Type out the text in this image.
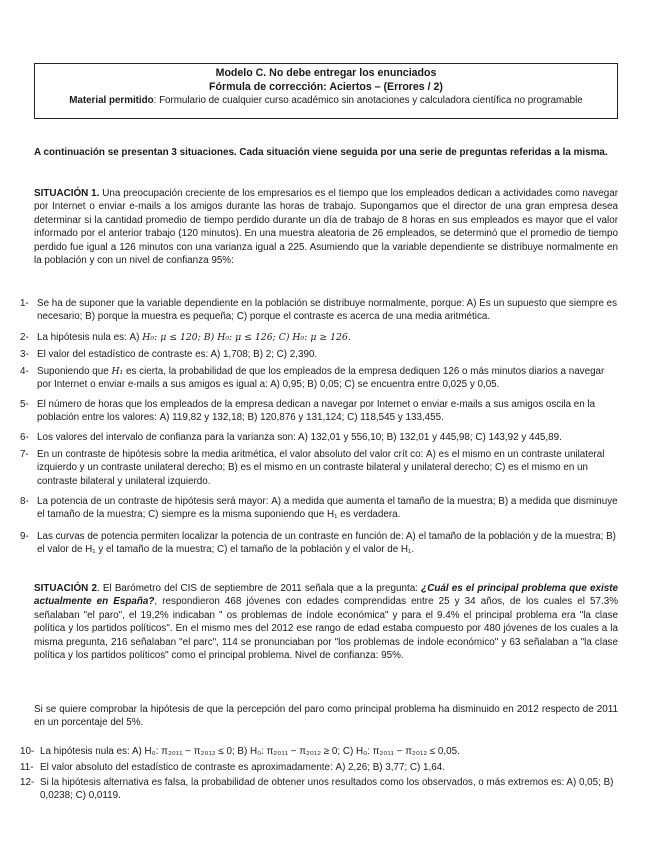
Modelo C. No debe entregar los enunciados
Fórmula de corrección: Aciertos – (Errores / 2)
Material permitido: Formulario de cualquier curso académico sin anotaciones y calculadora científica no programable
A continuación se presentan 3 situaciones. Cada situación viene seguida por una serie de preguntas referidas a la misma.
SITUACIÓN 1. Una preocupación creciente de los empresarios es el tiempo que los empleados dedican a actividades como navegar por Internet o enviar e-mails a los amigos durante las horas de trabajo. Supongamos que el director de una gran empresa desea determinar si la cantidad promedio de tiempo perdido durante un día de trabajo de 8 horas en sus empleados es mayor que el valor informado por el anterior trabajo (120 minutos). En una muestra aleatoria de 26 empleados, se determinó que el promedio de tiempo perdido fue igual a 126 minutos con una varianza igual a 225. Asumiendo que la variable dependiente se distribuye normalmente en la población y con un nivel de confianza 95%:
1- Se ha de suponer que la variable dependiente en la población se distribuye normalmente, porque: A) Es un supuesto que siempre es necesario; B) porque la muestra es pequeña; C) porque el contraste es acerca de una media aritmética.
2- La hipótesis nula es: A) H₀: μ ≤ 120; B) H₀: μ ≤ 126; C) H₀: μ ≥ 126.
3- El valor del estadístico de contraste es: A) 1,708; B) 2; C) 2,390.
4- Suponiendo que H₁ es cierta, la probabilidad de que los empleados de la empresa dediquen 126 o más minutos diarios a navegar por Internet o enviar e-mails a sus amigos es igual a: A) 0,95; B) 0,05; C) se encuentra entre 0,025 y 0,05.
5- El número de horas que los empleados de la empresa dedican a navegar por Internet o enviar e-mails a sus amigos oscila en la población entre los valores: A) 119,82 y 132,18; B) 120,876 y 131,124; C) 118,545 y 133,455.
6- Los valores del intervalo de confianza para la varianza son: A) 132,01 y 556,10; B) 132,01 y 445,98; C) 143,92 y 445,89.
7- En un contraste de hipótesis sobre la media aritmética, el valor absoluto del valor crít co: A) es el mismo en un contraste unilateral izquierdo y un contraste unilateral derecho; B) es el mismo en un contraste bilateral y unilateral derecho; C) es el mismo en un contraste bilateral y unilateral izquierdo.
8- La potencia de un contraste de hipótesis será mayor: A) a medida que aumenta el tamaño de la muestra; B) a medida que disminuye el tamaño de la muestra; C) siempre es la misma suponiendo que H₁ es verdadera.
9- Las curvas de potencia permiten localizar la potencia de un contraste en función de: A) el tamaño de la población y de la muestra; B) el valor de H₁ y el tamaño de la muestra; C) el tamaño de la población y el valor de H₁.
SITUACIÓN 2. El Barómetro del CIS de septiembre de 2011 señala que a la pregunta: ¿Cuál es el principal problema que existe actualmente en España?, respondieron 468 jóvenes con edades comprendidas entre 25 y 34 años, de los cuales el 57.3% señalaban "el paro", el 19,2% indicaban " os problemas de índole económica" y para el 9.4% el principal problema era "la clase política y los partidos políticos". En el mismo mes del 2012 ese rango de edad estaba compuesto por 480 jóvenes de los cuales a la misma pregunta, 216 señalaban "el parc", 114 se pronunciaban por "los problemas de índole económico" y 63 señalaban a "la clase política y los partidos políticos" como el principal problema. Nivel de confianza: 95%.
Si se quiere comprobar la hipótesis de que la percepción del paro como principal problema ha disminuido en 2012 respecto de 2011 en un porcentaje del 5%.
10- La hipótesis nula es: A) H₀: π₂₀₁₁ − π₂₀₁₂ ≤ 0; B) H₀: π₂₀₁₁ − π₂₀₁₂ ≥ 0; C) H₀: π₂₀₁₁ − π₂₀₁₂ ≤ 0,05.
11- El valor absoluto del estadístico de contraste es aproximadamente: A) 2,26; B) 3,77; C) 1,64.
12- Si la hipótesis alternativa es falsa, la probabilidad de obtener unos resultados como los observados, o más extremos es: A) 0,05; B) 0,0238; C) 0,0119.
